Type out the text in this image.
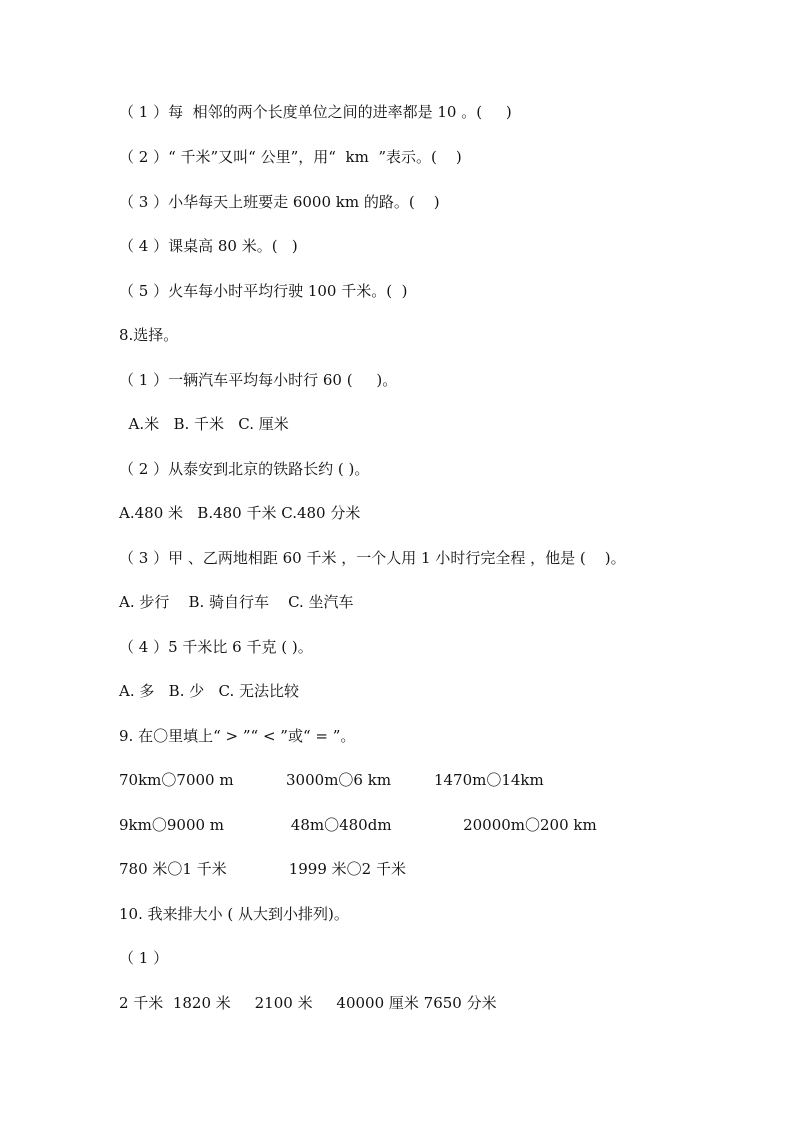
（ 1 ）每  相邻的两个长度单位之间的进率都是 10 。(     )
（ 2 ）“ 千米”又叫“ 公里”，用“  km  ”表示。(    )
（ 3 ）小华每天上班要走 6000 km 的路。(    )
（ 4 ）课桌高 80 米。(   )
（ 5 ）火车每小时平均行驶 100 千米。(  )
8.选择。
（ 1 ）一辆汽车平均每小时行 60 (     )。
A.米   B. 千米   C. 厘米
（ 2 ）从泰安到北京的铁路长约 ( )。
A.480 米   B.480 千米 C.480 分米
（ 3 ）甲 、乙两地相距 60 千米 ，一个人用 1 小时行完全程 ，他是 (    )。
A. 步行    B. 骑自行车    C. 坐汽车
（ 4 ）5 千米比 6 千克 ( )。
A. 多   B. 少   C. 无法比较
9. 在〇里填上“ > ”“ < ”或“ = ”。
70km〇7000 m           3000m〇6 km         1470m〇14km
9km〇9000 m              48m〇480dm               20000m〇200 km
780 米〇1 千米             1999 米〇2 千米
10. 我来排大小 ( 从大到小排列)。
（ 1 ）
2 千米  1820 米     2100 米     40000 厘米 7650 分米
